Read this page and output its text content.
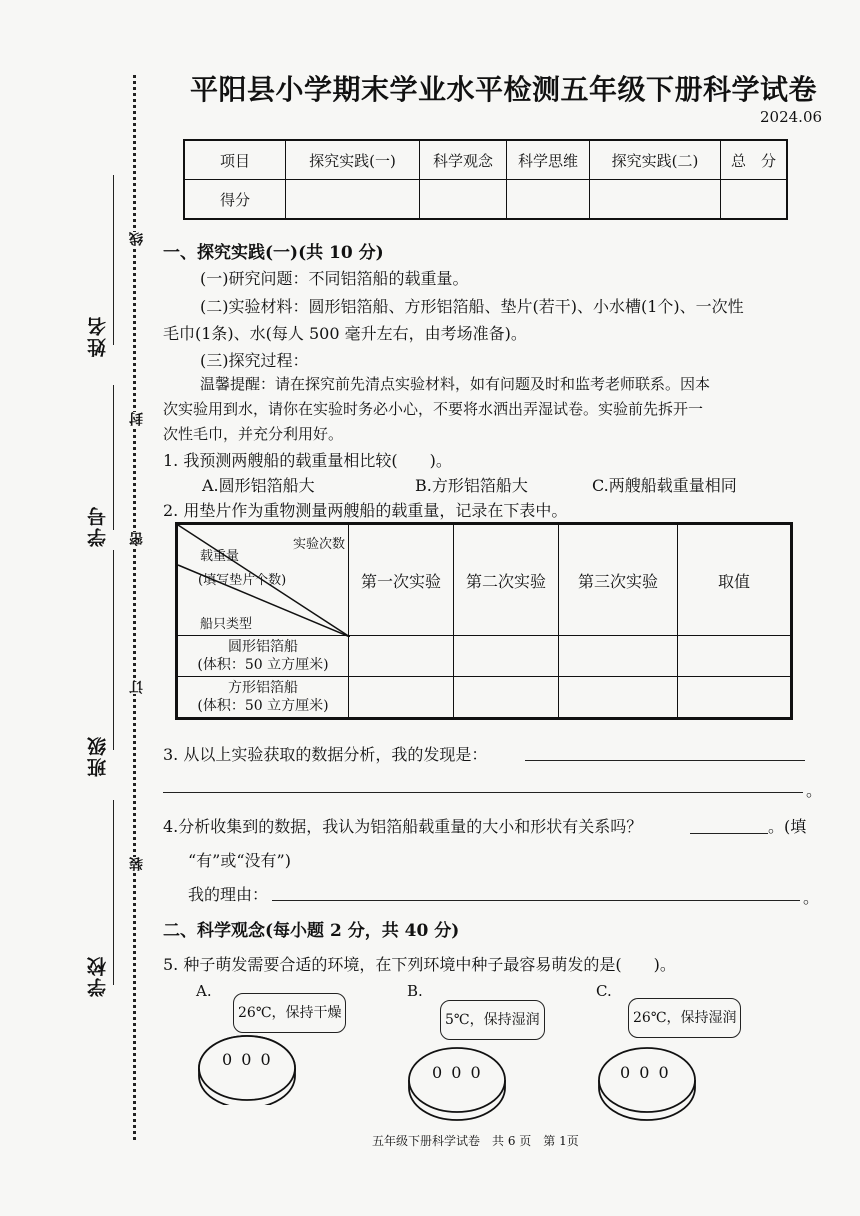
学校
班级
学号
姓名
线
封
密
订
装
平阳县小学期末学业水平检测五年级下册科学试卷
2024.06
项目	探究实践(一)	科学观念	科学思维	探究实践(二)	总　分
得分					
一、探究实践(一)(共 10 分)
(一)研究问题：不同铝箔船的载重量。
(二)实验材料：圆形铝箔船、方形铝箔船、垫片(若干)、小水槽(1个)、一次性
毛巾(1条)、水(每人 500 毫升左右，由考场准备)。
(三)探究过程：
温馨提醒：请在探究前先清点实验材料，如有问题及时和监考老师联系。因本
次实验用到水，请你在实验时务必小心，不要将水洒出弄湿试卷。实验前先拆开一
次性毛巾，并充分利用好。
1. 我预测两艘船的载重量相比较(　　)。
A.圆形铝箔船大	B.方形铝箔船大	C.两艘船载重量相同
2. 用垫片作为重物测量两艘船的载重量，记录在下表中。
实验次数
载重量
(填写垫片个数)
船只类型	第一次实验	第二次实验	第三次实验	取值

圆形铝箔船
(体积：50 立方厘米)				

方形铝箔船
(体积：50 立方厘米)				

3. 从以上实验获取的数据分析，我的发现是：
。
4.分析收集到的数据，我认为铝箔船载重量的大小和形状有关系吗？	。(填
“有”或“没有”)
我的理由：	。
二、科学观念(每小题 2 分，共 40 分)
5. 种子萌发需要合适的环境，在下列环境中种子最容易萌发的是(　　)。
A.
0 0 0
26℃，保持干燥
B.
0 0 0
5℃，保持湿润
C.
0 0 0
26℃，保持湿润
五年级下册科学试卷　共 6 页　第 1页
